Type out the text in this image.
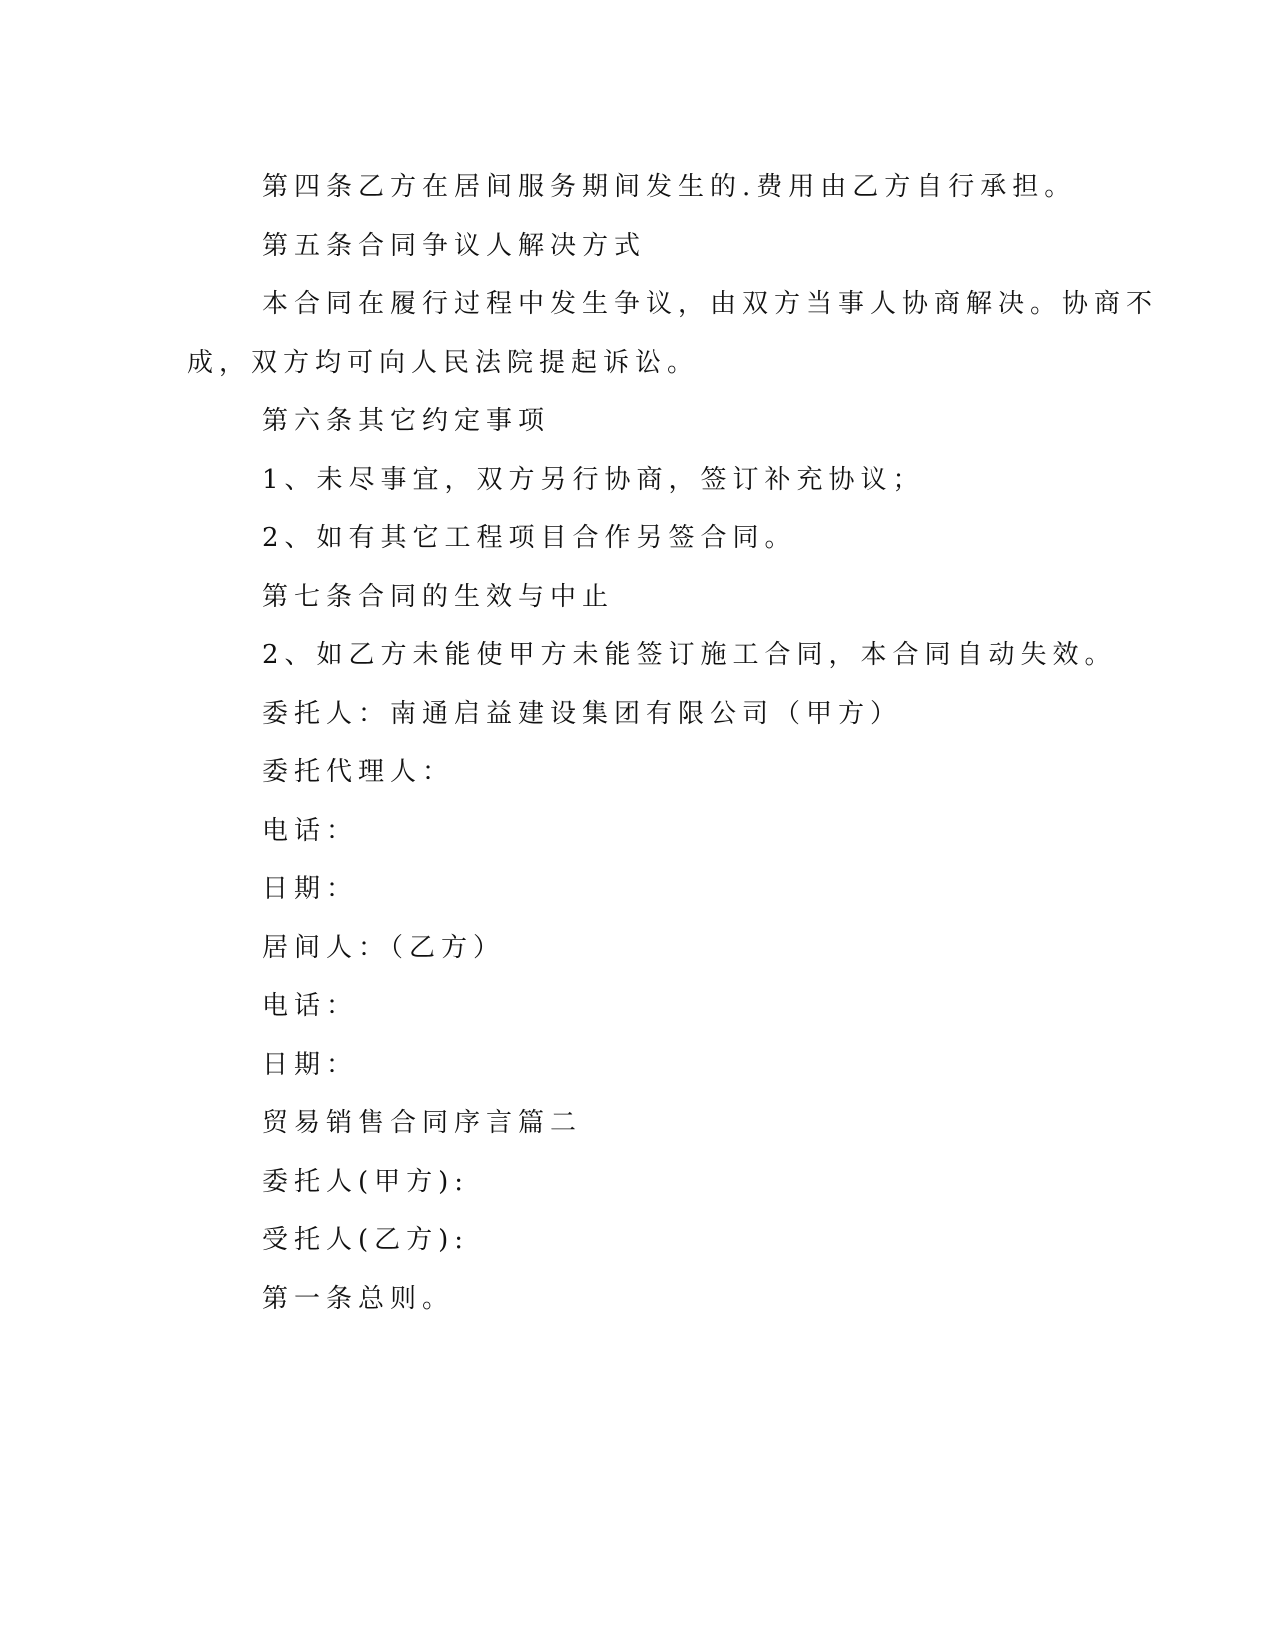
第四条乙方在居间服务期间发生的.费用由乙方自行承担。
第五条合同争议人解决方式
本合同在履行过程中发生争议，由双方当事人协商解决。协商不
成，双方均可向人民法院提起诉讼。
第六条其它约定事项
1、未尽事宜，双方另行协商，签订补充协议；
2、如有其它工程项目合作另签合同。
第七条合同的生效与中止
2、如乙方未能使甲方未能签订施工合同，本合同自动失效。
委托人：南通启益建设集团有限公司（甲方）
委托代理人：
电话：
日期：
居间人：（乙方）
电话：
日期：
贸易销售合同序言篇二
委托人(甲方):
受托人(乙方):
第一条总则。
